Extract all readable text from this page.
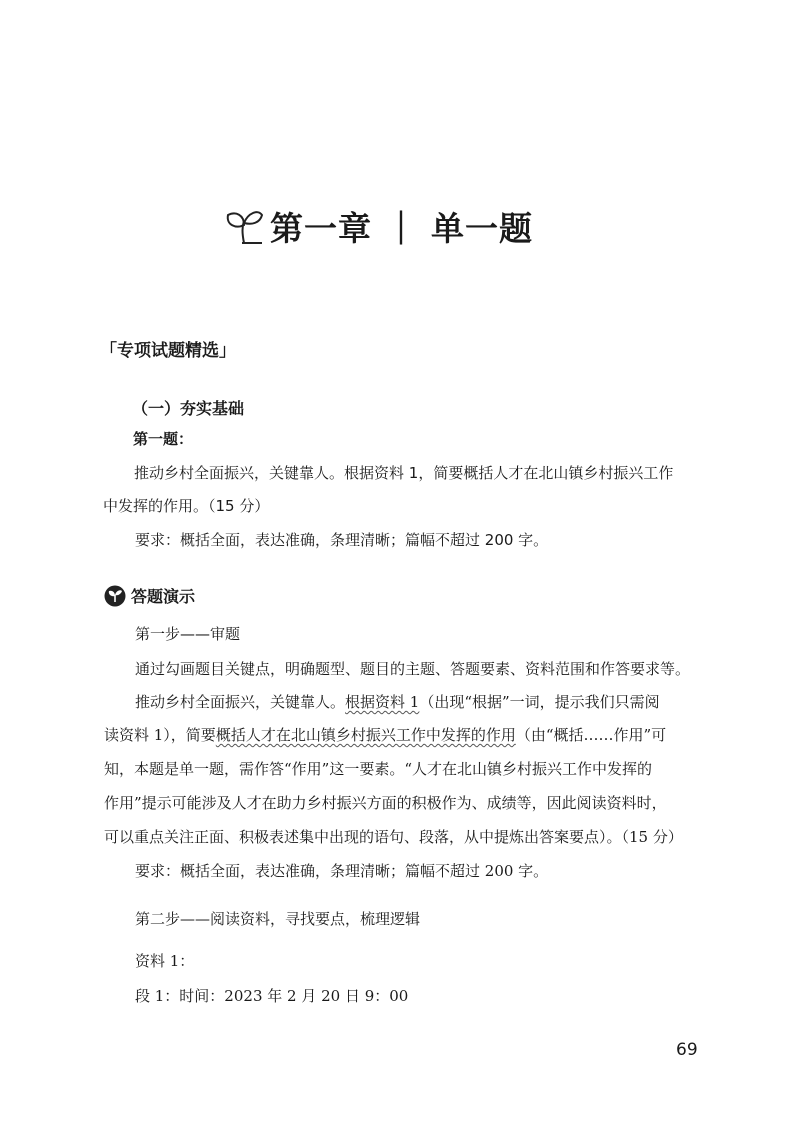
第一章 ｜ 单一题
「专项试题精选」
（一）夯实基础
第一题：
推动乡村全面振兴，关键靠人。根据资料 1，简要概括人才在北山镇乡村振兴工作
中发挥的作用。（15 分）
要求：概括全面，表达准确，条理清晰；篇幅不超过 200 字。
答题演示
第一步——审题
通过勾画题目关键点，明确题型、题目的主题、答题要素、资料范围和作答要求等。
推动乡村全面振兴，关键靠人。根据资料 1（出现“根据”一词，提示我们只需阅
读资料 1），简要概括人才在北山镇乡村振兴工作中发挥的作用（由“概括……作用”可
知，本题是单一题，需作答“作用”这一要素。“人才在北山镇乡村振兴工作中发挥的
作用”提示可能涉及人才在助力乡村振兴方面的积极作为、成绩等，因此阅读资料时，
可以重点关注正面、积极表述集中出现的语句、段落，从中提炼出答案要点）。（15 分）
要求：概括全面，表达准确，条理清晰；篇幅不超过 200 字。
第二步——阅读资料，寻找要点，梳理逻辑
资料 1：
段 1：时间：2023 年 2 月 20 日 9：00
69
